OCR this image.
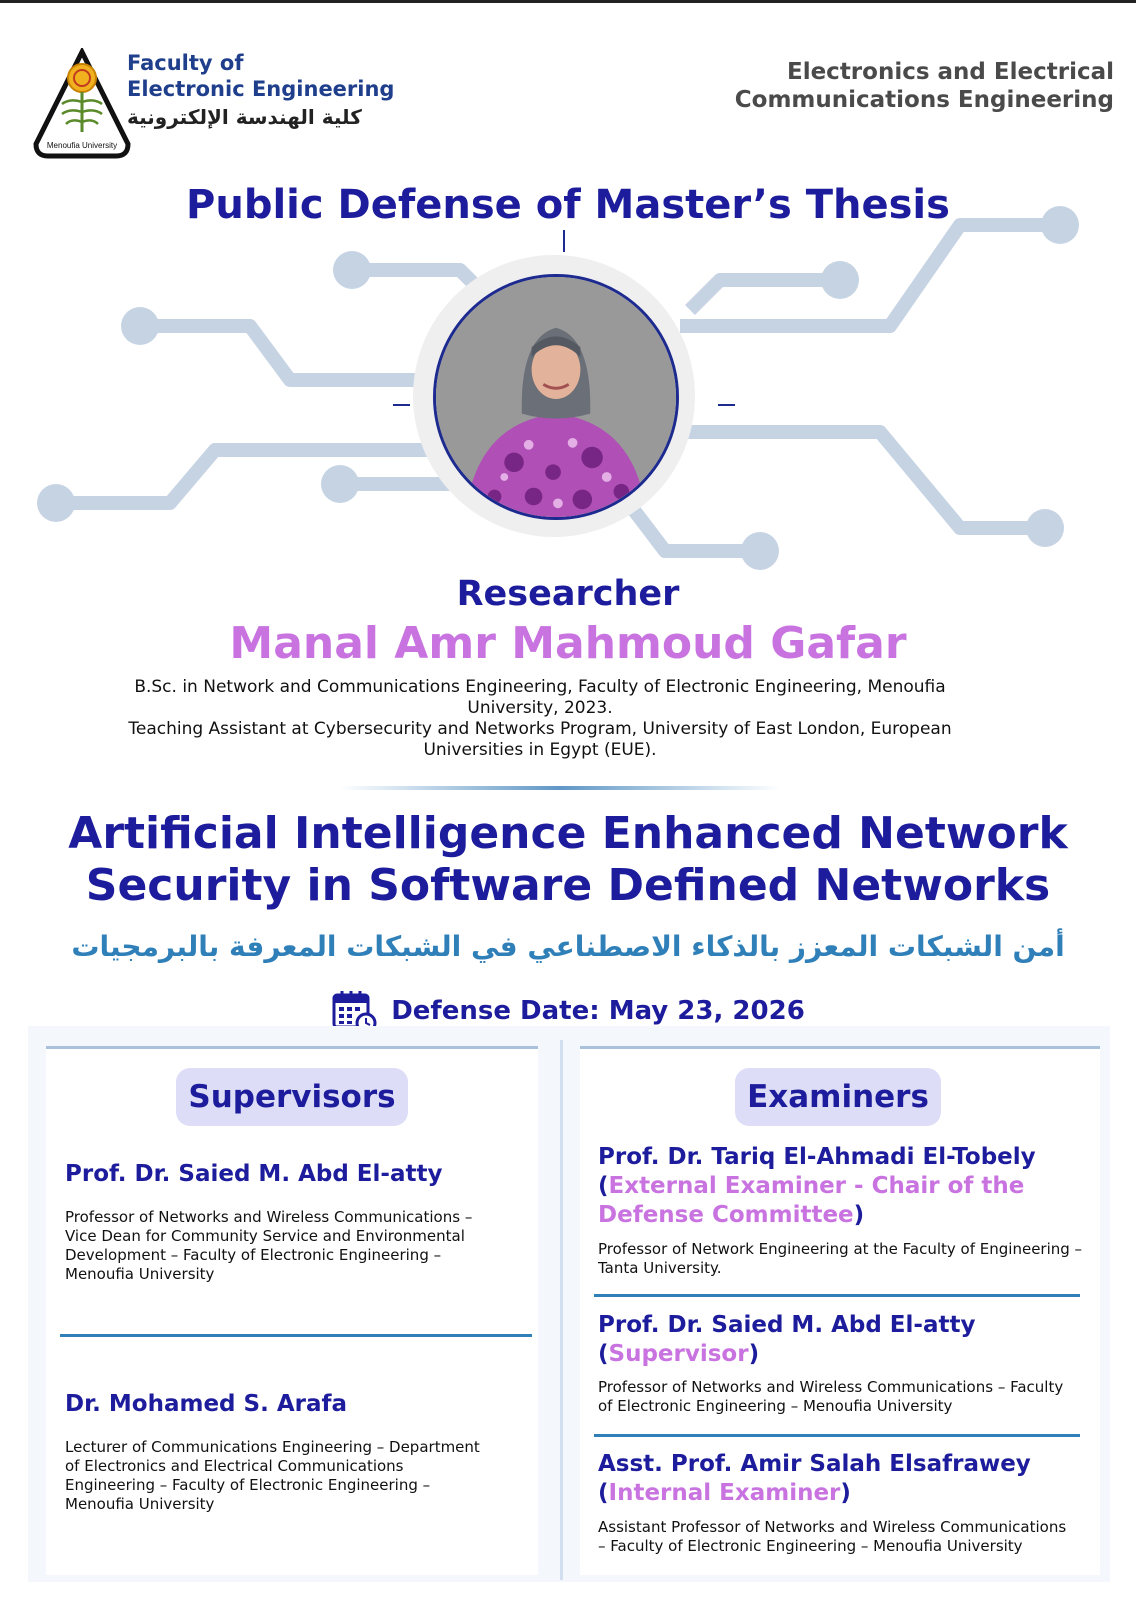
Menoufia University
Faculty of
Electronic Engineering
كلية الهندسة الإلكترونية
Electronics and Electrical
Communications Engineering
Public Defense of Master’s Thesis
Researcher
Manal Amr Mahmoud Gafar
B.Sc. in Network and Communications Engineering, Faculty of Electronic Engineering, Menoufia
University, 2023.
Teaching Assistant at Cybersecurity and Networks Program, University of East London, European
Universities in Egypt (EUE).
Artificial Intelligence Enhanced Network
Security in Software Defined Networks
أمن الشبكات المعزز بالذكاء الاصطناعي في الشبكات المعرفة بالبرمجيات
Defense Date: May 23, 2026
Supervisors
Prof. Dr. Saied M. Abd El-atty
Professor of Networks and Wireless Communications –
Vice Dean for Community Service and Environmental
Development – Faculty of Electronic Engineering –
Menoufia University
Dr. Mohamed S. Arafa
Lecturer of Communications Engineering – Department
of Electronics and Electrical Communications
Engineering – Faculty of Electronic Engineering –
Menoufia University
Examiners
Prof. Dr. Tariq El-Ahmadi El-Tobely
(External Examiner - Chair of the
Defense Committee)
Professor of Network Engineering at the Faculty of Engineering –
Tanta University.
Prof. Dr. Saied M. Abd El-atty
(Supervisor)
Professor of Networks and Wireless Communications – Faculty
of Electronic Engineering – Menoufia University
Asst. Prof. Amir Salah Elsafrawey
(Internal Examiner)
Assistant Professor of Networks and Wireless Communications
– Faculty of Electronic Engineering – Menoufia University
